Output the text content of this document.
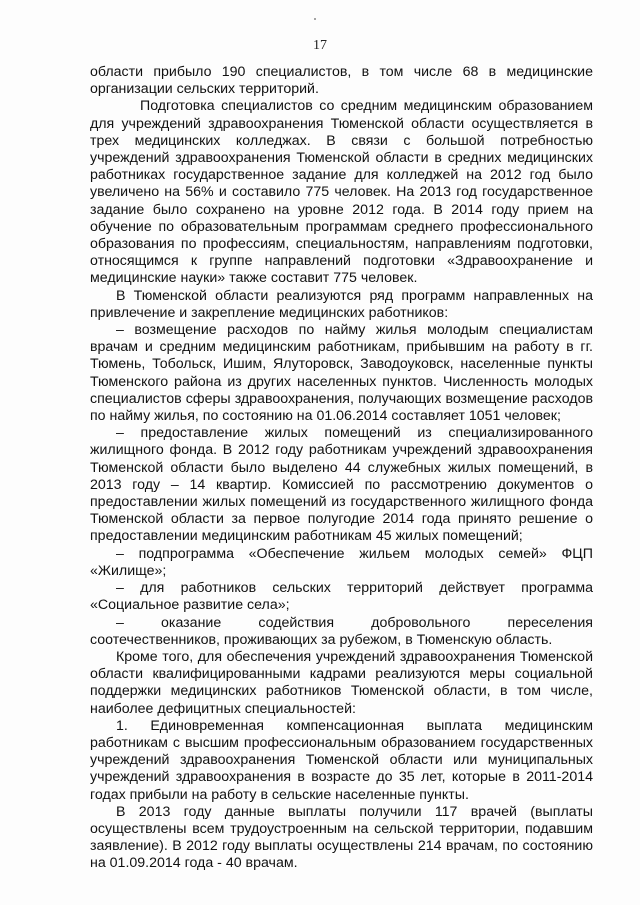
17

области прибыло 190 специалистов, в том числе 68 в медицинские организации сельских территорий.

Подготовка специалистов со средним медицинским образованием для учреждений здравоохранения Тюменской области осуществляется в трех медицинских колледжах. В связи с большой потребностью учреждений здравоохранения Тюменской области в средних медицинских работниках государственное задание для колледжей на 2012 год было увеличено на 56% и составило 775 человек. На 2013 год государственное задание было сохранено на уровне 2012 года. В 2014 году прием на обучение по образовательным программам среднего профессионального образования по профессиям, специальностям, направлениям подготовки, относящимся к группе направлений подготовки «Здравоохранение и медицинские науки» также составит 775 человек.

В Тюменской области реализуются ряд программ направленных на привлечение и закрепление медицинских работников:

– возмещение расходов по найму жилья молодым специалистам врачам и средним медицинским работникам, прибывшим на работу в гг. Тюмень, Тобольск, Ишим, Ялуторовск, Заводоуковск, населенные пункты Тюменского района из других населенных пунктов. Численность молодых специалистов сферы здравоохранения, получающих возмещение расходов по найму жилья, по состоянию на 01.06.2014 составляет 1051 человек;

– предоставление жилых помещений из специализированного жилищного фонда. В 2012 году работникам учреждений здравоохранения Тюменской области было выделено 44 служебных жилых помещений, в 2013 году – 14 квартир. Комиссией по рассмотрению документов о предоставлении жилых помещений из государственного жилищного фонда Тюменской области за первое полугодие 2014 года принято решение о предоставлении медицинским работникам 45 жилых помещений;

– подпрограмма «Обеспечение жильем молодых семей» ФЦП «Жилище»;

– для работников сельских территорий действует программа «Социальное развитие села»;

– оказание содействия добровольного переселения соотечественников, проживающих за рубежом, в Тюменскую область.

Кроме того, для обеспечения учреждений здравоохранения Тюменской области квалифицированными кадрами реализуются меры социальной поддержки медицинских работников Тюменской области, в том числе, наиболее дефицитных специальностей:

1. Единовременная компенсационная выплата медицинским работникам с высшим профессиональным образованием государственных учреждений здравоохранения Тюменской области или муниципальных учреждений здравоохранения в возрасте до 35 лет, которые в 2011-2014 годах прибыли на работу в сельские населенные пункты.

В 2013 году данные выплаты получили 117 врачей (выплаты осуществлены всем трудоустроенным на сельской территории, подавшим заявление). В 2012 году выплаты осуществлены 214 врачам, по состоянию на 01.09.2014 года - 40 врачам.
